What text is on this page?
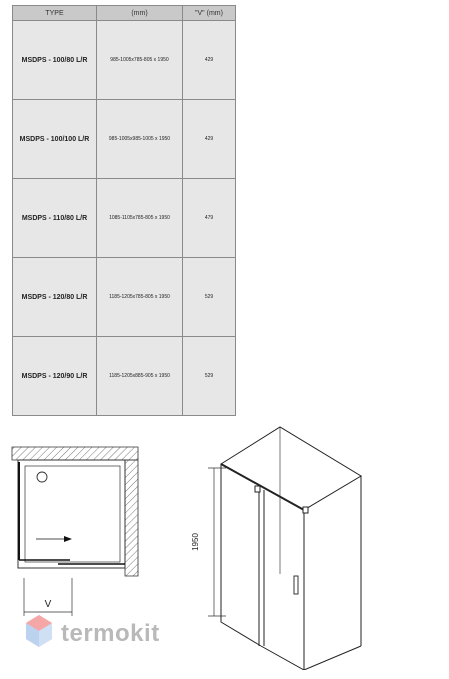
TYPE	(mm)	"V" (mm)
MSDPS - 100/80 L/R	985-1005x785-805 x 1950	429
MSDPS - 100/100 L/R	985-1005x985-1005 x 1950	429
MSDPS - 110/80 L/R	1085-1105x785-805 x 1950	479
MSDPS - 120/80 L/R	1185-1205x785-805 x 1950	529
MSDPS - 120/90 L/R	1185-1205x885-905 x 1950	529
V
1950
termokit
